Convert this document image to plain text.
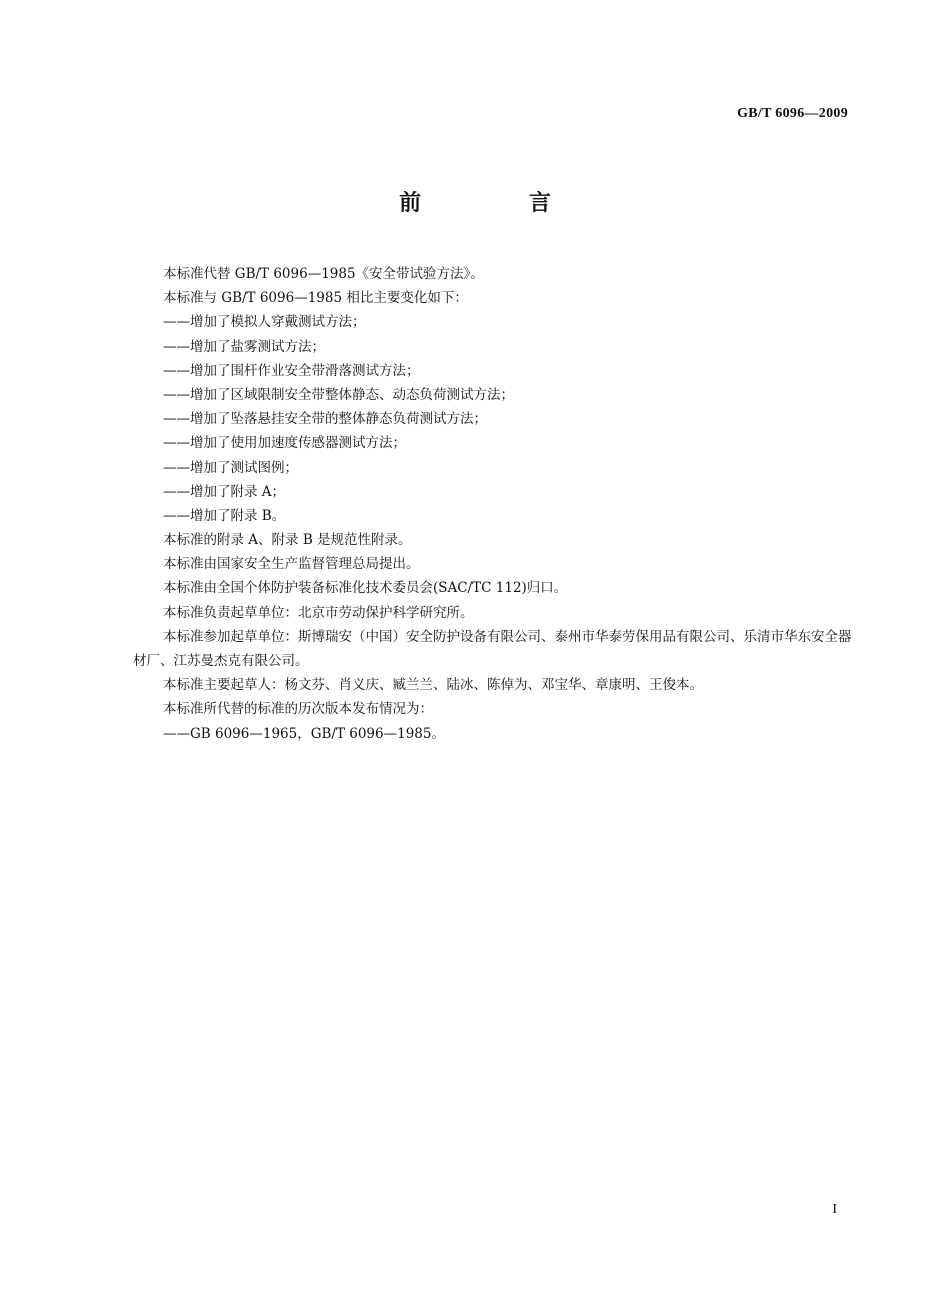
GB/T 6096—2009
前 言
本标准代替 GB/T 6096—1985《安全带试验方法》。
本标准与 GB/T 6096—1985 相比主要变化如下：
——增加了模拟人穿戴测试方法；
——增加了盐雾测试方法；
——增加了围杆作业安全带滑落测试方法；
——增加了区域限制安全带整体静态、动态负荷测试方法；
——增加了坠落悬挂安全带的整体静态负荷测试方法；
——增加了使用加速度传感器测试方法；
——增加了测试图例；
——增加了附录 A；
——增加了附录 B。
本标准的附录 A、附录 B 是规范性附录。
本标准由国家安全生产监督管理总局提出。
本标准由全国个体防护装备标准化技术委员会(SAC/TC 112)归口。
本标准负责起草单位：北京市劳动保护科学研究所。
本标准参加起草单位：斯博瑞安（中国）安全防护设备有限公司、泰州市华泰劳保用品有限公司、乐清市华东安全器材厂、江苏曼杰克有限公司。
本标准主要起草人：杨文芬、肖义庆、臧兰兰、陆冰、陈倬为、邓宝华、章康明、王俊本。
本标准所代替的标准的历次版本发布情况为：
——GB 6096—1965，GB/T 6096—1985。
I
